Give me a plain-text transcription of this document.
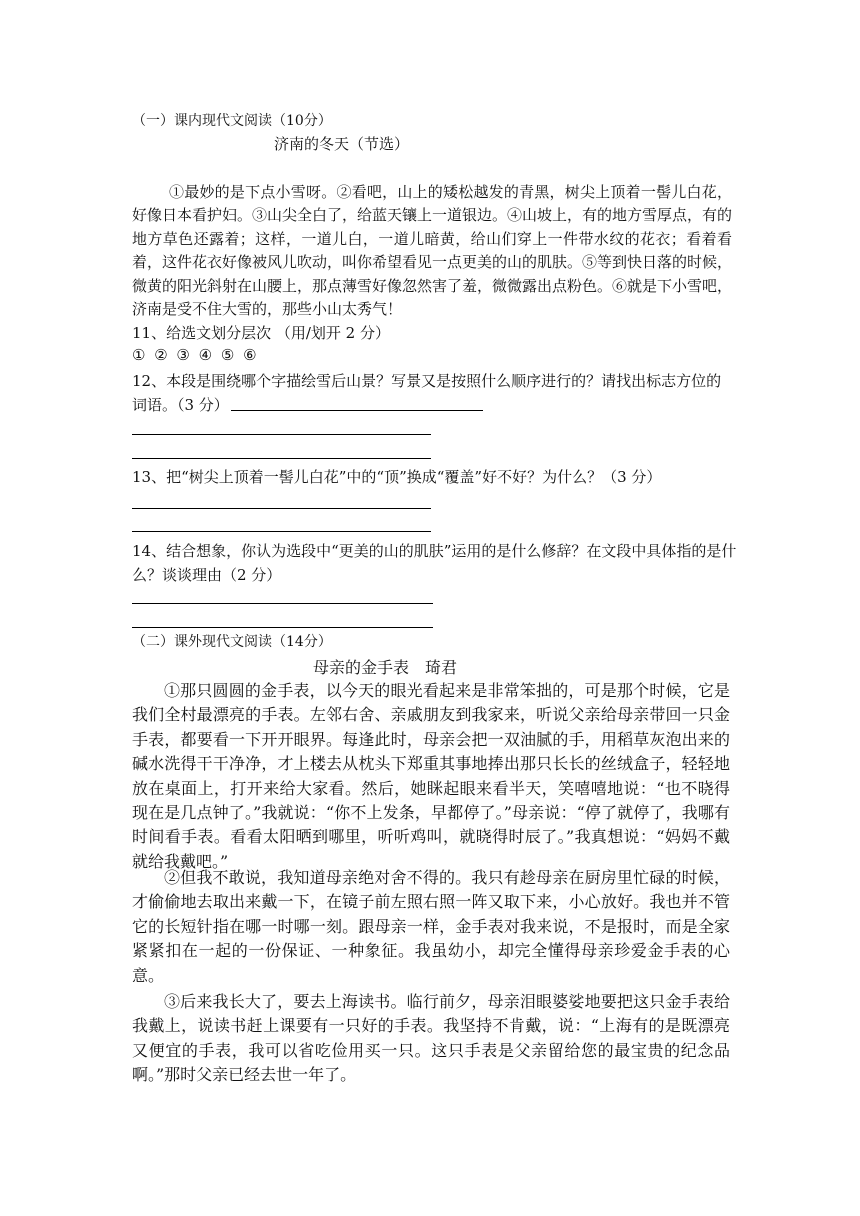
（一）课内现代文阅读（10分）
济南的冬天（节选）
①最妙的是下点小雪呀。②看吧，山上的矮松越发的青黑，树尖上顶着一髻儿白花，好像日本看护妇。③山尖全白了，给蓝天镶上一道银边。④山坡上，有的地方雪厚点，有的地方草色还露着；这样，一道儿白，一道儿暗黄，给山们穿上一件带水纹的花衣；看着看着，这件花衣好像被风儿吹动，叫你希望看见一点更美的山的肌肤。⑤等到快日落的时候，微黄的阳光斜射在山腰上，那点薄雪好像忽然害了羞，微微露出点粉色。⑥就是下小雪吧，济南是受不住大雪的，那些小山太秀气！
11、给选文划分层次 （用/划开 2 分）
① ② ③ ④ ⑤ ⑥
12、本段是围绕哪个字描绘雪后山景？写景又是按照什么顺序进行的？请找出标志方位的
词语。（3 分）
13、把“树尖上顶着一髻儿白花”中的“顶”换成“覆盖”好不好？为什么？（3 分）
14、结合想象，你认为选段中“更美的山的肌肤”运用的是什么修辞？在文段中具体指的是什
么？谈谈理由（2 分）
（二）课外现代文阅读（14分）
母亲的金手表　琦君
①那只圆圆的金手表，以今天的眼光看起来是非常笨拙的，可是那个时候，它是我们全村最漂亮的手表。左邻右舍、亲戚朋友到我家来，听说父亲给母亲带回一只金手表，都要看一下开开眼界。每逢此时，母亲会把一双油腻的手，用稻草灰泡出来的碱水洗得干干净净，才上楼去从枕头下郑重其事地捧出那只长长的丝绒盒子，轻轻地放在桌面上，打开来给大家看。然后，她眯起眼来看半天，笑嘻嘻地说：“也不晓得现在是几点钟了。”我就说：“你不上发条，早都停了。”母亲说：“停了就停了，我哪有时间看手表。看看太阳晒到哪里，听听鸡叫，就晓得时辰了。”我真想说：“妈妈不戴就给我戴吧。”
②但我不敢说，我知道母亲绝对舍不得的。我只有趁母亲在厨房里忙碌的时候，才偷偷地去取出来戴一下，在镜子前左照右照一阵又取下来，小心放好。我也并不管它的长短针指在哪一时哪一刻。跟母亲一样，金手表对我来说，不是报时，而是全家紧紧扣在一起的一份保证、一种象征。我虽幼小，却完全懂得母亲珍爱金手表的心意。
③后来我长大了，要去上海读书。临行前夕，母亲泪眼婆娑地要把这只金手表给我戴上，说读书赶上课要有一只好的手表。我坚持不肯戴，说：“上海有的是既漂亮又便宜的手表，我可以省吃俭用买一只。这只手表是父亲留给您的最宝贵的纪念品啊。”那时父亲已经去世一年了。
